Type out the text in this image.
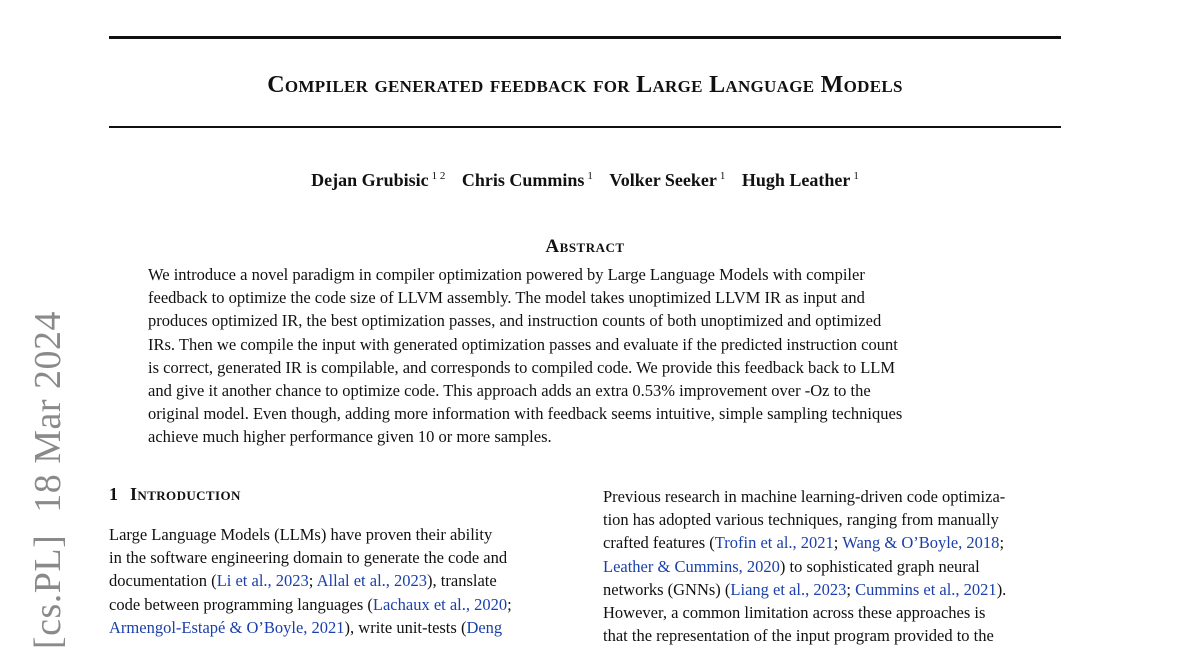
Compiler generated feedback for Large Language Models
Dejan Grubisic $^{1 2}$ Chris Cummins $^1$ Volker Seeker $^1$ Hugh Leather $^1$
Abstract
We introduce a novel paradigm in compiler optimization powered by Large Language Models with compiler
feedback to optimize the code size of LLVM assembly. The model takes unoptimized LLVM IR as input and
produces optimized IR, the best optimization passes, and instruction counts of both unoptimized and optimized
IRs. Then we compile the input with generated optimization passes and evaluate if the predicted instruction count
is correct, generated IR is compilable, and corresponds to compiled code. We provide this feedback back to LLM
and give it another chance to optimize code. This approach adds an extra 0.53% improvement over -Oz to the
original model. Even though, adding more information with feedback seems intuitive, simple sampling techniques
achieve much higher performance given 10 or more samples.
1 Introduction
Large Language Models (LLMs) have proven their ability
in the software engineering domain to generate the code and
documentation (Li et al., 2023; Allal et al., 2023), translate
code between programming languages (Lachaux et al., 2020;
Armengol-Estapé & O’Boyle, 2021), write unit-tests (Deng
Previous research in machine learning-driven code optimiza-
tion has adopted various techniques, ranging from manually
crafted features (Trofin et al., 2021; Wang & O’Boyle, 2018;
Leather & Cummins, 2020) to sophisticated graph neural
networks (GNNs) (Liang et al., 2023; Cummins et al., 2021).
However, a common limitation across these approaches is
that the representation of the input program provided to the
[cs.PL]18 Mar 2024
